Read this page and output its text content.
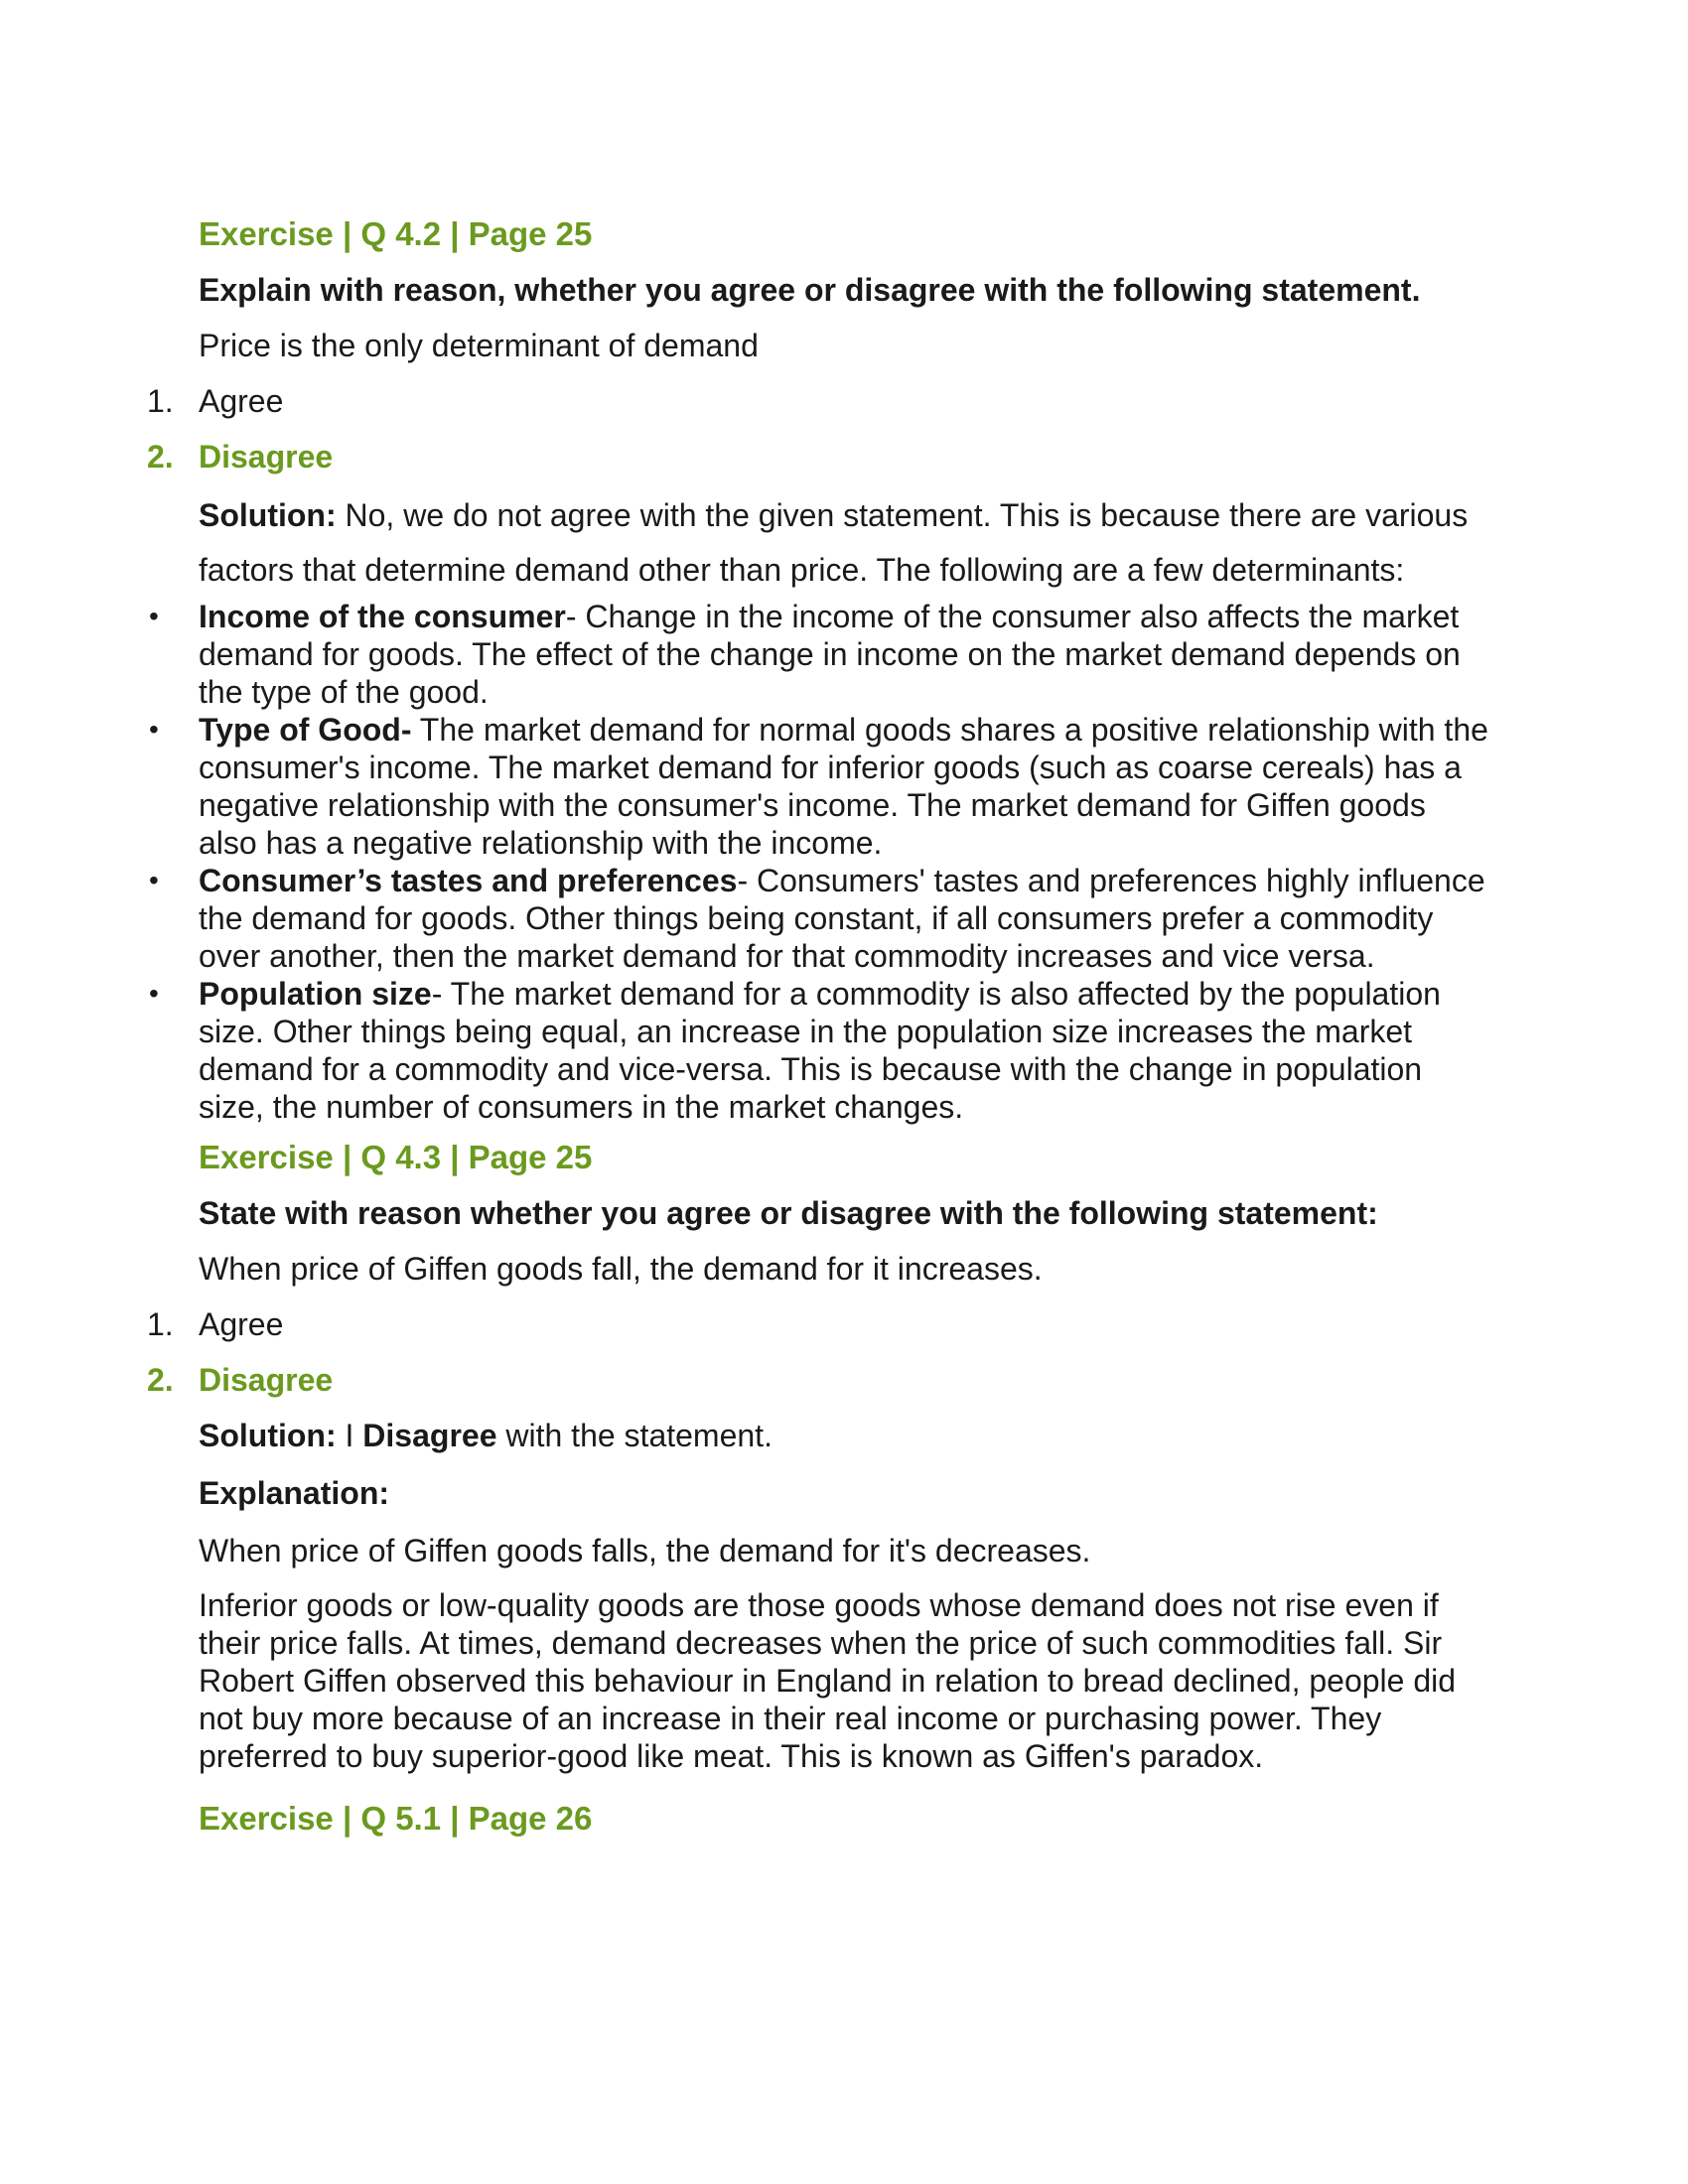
Exercise | Q 4.2 | Page 25
Explain with reason, whether you agree or disagree with the following statement.
Price is the only determinant of demand
1. Agree
2. Disagree

Solution: No, we do not agree with the given statement. This is because there are various factors that determine demand other than price. The following are a few determinants:

• Income of the consumer- Change in the income of the consumer also affects the market demand for goods. The effect of the change in income on the market demand depends on the type of the good.
• Type of Good- The market demand for normal goods shares a positive relationship with the consumer's income. The market demand for inferior goods (such as coarse cereals) has a negative relationship with the consumer's income. The market demand for Giffen goods also has a negative relationship with the income.
• Consumer’s tastes and preferences- Consumers' tastes and preferences highly influence the demand for goods. Other things being constant, if all consumers prefer a commodity over another, then the market demand for that commodity increases and vice versa.
• Population size- The market demand for a commodity is also affected by the population size. Other things being equal, an increase in the population size increases the market demand for a commodity and vice-versa. This is because with the change in population size, the number of consumers in the market changes.
Exercise | Q 4.3 | Page 25
State with reason whether you agree or disagree with the following statement:
When price of Giffen goods fall, the demand for it increases.
1. Agree
2. Disagree

Solution: I Disagree with the statement.

Explanation:

When price of Giffen goods falls, the demand for it's decreases.

Inferior goods or low-quality goods are those goods whose demand does not rise even if their price falls. At times, demand decreases when the price of such commodities fall. Sir Robert Giffen observed this behaviour in England in relation to bread declined, people did not buy more because of an increase in their real income or purchasing power. They preferred to buy superior-good like meat. This is known as Giffen's paradox.

Exercise | Q 5.1 | Page 26
